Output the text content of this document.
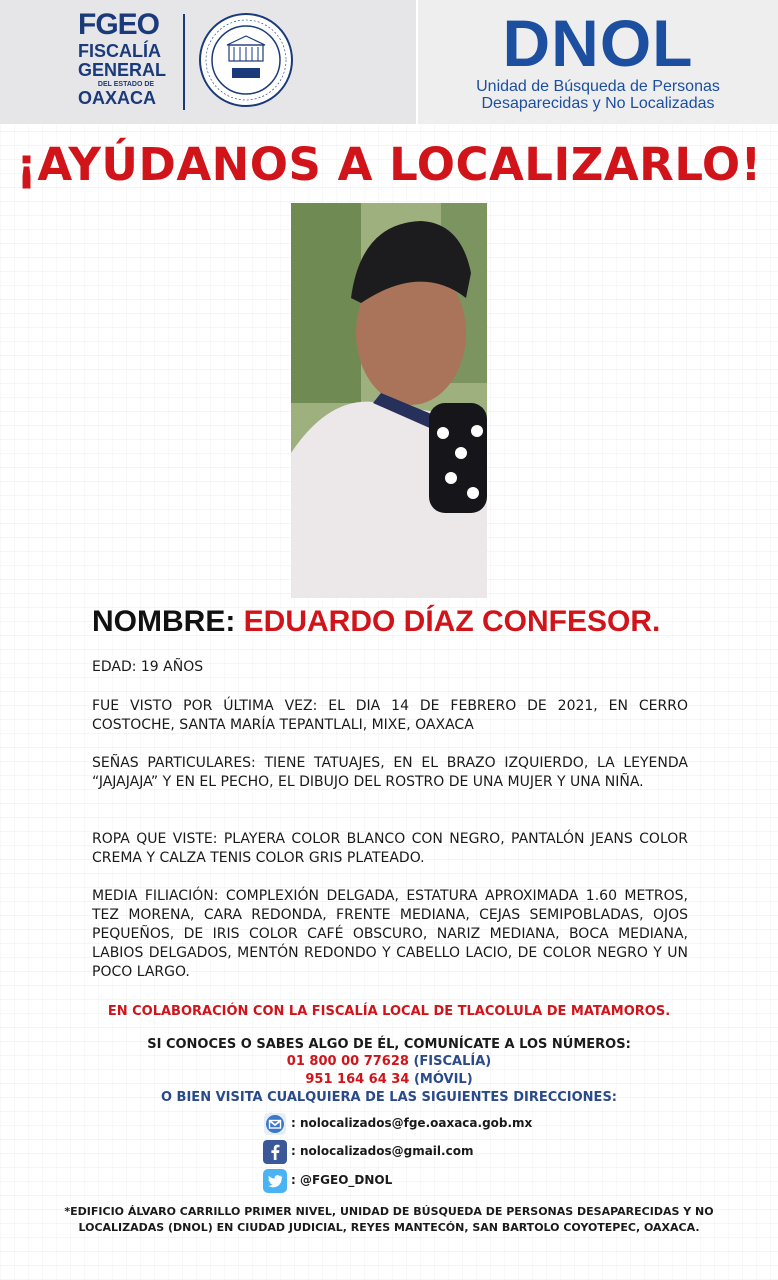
FGEO
FISCALÍA
GENERAL
DEL ESTADO DE
OAXACA
DNOL
Unidad de Búsqueda de Personas
Desaparecidas y No Localizadas
¡AYÚDANOS A LOCALIZARLO!
NOMBRE: EDUARDO DÍAZ CONFESOR.
EDAD: 19 AÑOS
FUE VISTO POR ÚLTIMA VEZ: EL DIA 14 DE FEBRERO DE 2021, EN CERRO COSTOCHE, SANTA MARÍA TEPANTLALI, MIXE, OAXACA
SEÑAS PARTICULARES: TIENE TATUAJES, EN EL BRAZO IZQUIERDO, LA LEYENDA “JAJAJAJA” Y EN EL PECHO, EL DIBUJO DEL ROSTRO DE UNA MUJER Y UNA NIÑA.
ROPA QUE VISTE: PLAYERA COLOR BLANCO CON NEGRO, PANTALÓN JEANS COLOR CREMA Y CALZA TENIS COLOR GRIS PLATEADO.
MEDIA FILIACIÓN: COMPLEXIÓN DELGADA, ESTATURA APROXIMADA 1.60 METROS, TEZ MORENA, CARA REDONDA, FRENTE MEDIANA, CEJAS SEMIPOBLADAS, OJOS PEQUEÑOS, DE IRIS COLOR CAFÉ OBSCURO, NARIZ MEDIANA, BOCA MEDIANA, LABIOS DELGADOS, MENTÓN REDONDO Y CABELLO LACIO, DE COLOR NEGRO Y UN POCO LARGO.
EN COLABORACIÓN CON LA FISCALÍA LOCAL DE TLACOLULA DE MATAMOROS.
SI CONOCES O SABES ALGO DE ÉL, COMUNÍCATE A LOS NÚMEROS:
01 800 00 77628 (FISCALÍA)
951 164 64 34 (MÓVIL)
O BIEN VISITA CUALQUIERA DE LAS SIGUIENTES DIRECCIONES:
: nolocalizados@fge.oaxaca.gob.mx
: nolocalizados@gmail.com
: @FGEO_DNOL
*EDIFICIO ÁLVARO CARRILLO PRIMER NIVEL, UNIDAD DE BÚSQUEDA DE PERSONAS DESAPARECIDAS Y NO LOCALIZADAS (DNOL) EN CIUDAD JUDICIAL, REYES MANTECÓN, SAN BARTOLO COYOTEPEC, OAXACA.
